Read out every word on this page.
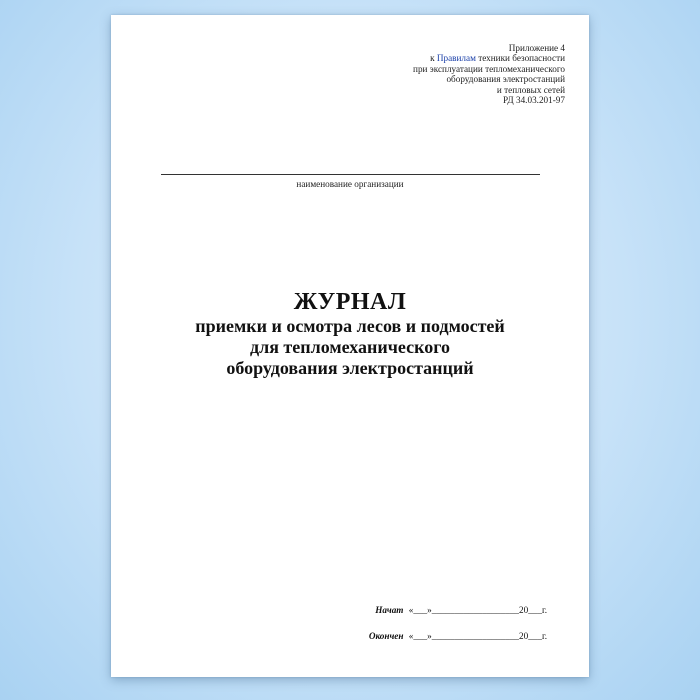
Приложение 4
к Правилам техники безопасности
при эксплуатации тепломеханического
оборудования электростанций
и тепловых сетей
РД 34.03.201-97
наименование организации
ЖУРНАЛ
приемки и осмотра лесов и подмостей
для тепломеханического
оборудования электростанций
Начат «___»___________________20___г.
Окончен «___»___________________20___г.
